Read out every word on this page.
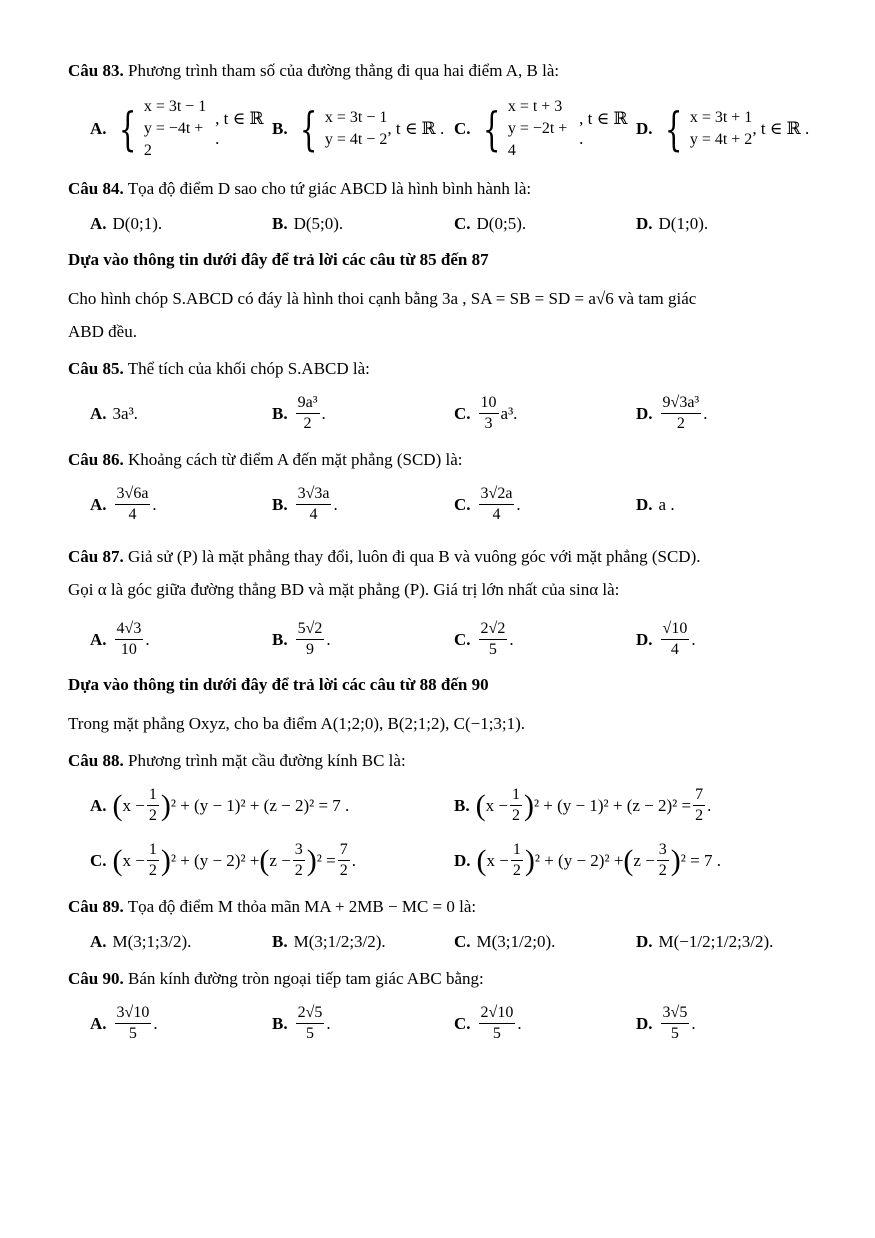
Câu 83. Phương trình tham số của đường thẳng đi qua hai điểm A, B là:

A. { x = 3t − 1
y = −4t + 2
, t ∈ ℝ .
B. { x = 3t − 1
y = 4t − 2
, t ∈ ℝ . C. { x = t + 3
y = −2t + 4
, t ∈ ℝ .
D. { x = 3t + 1
y = 4t + 2
, t ∈ ℝ .

Câu 84. Tọa độ điểm D sao cho tứ giác ABCD là hình bình hành là:

A. D(0;1).	B. D(5;0).	C. D(0;5).	D. D(1;0).

Dựa vào thông tin dưới đây để trả lời các câu từ 85 đến 87

Cho hình chóp S.ABCD có đáy là hình thoi cạnh bằng 3a , SA = SB = SD = a√6 và tam giác

ABD đều.

Câu 85. Thể tích của khối chóp S.ABCD là:

A. 3a³.	B. $\frac{\text{9a³}}{2}$ .	C. $\frac{10}{3} a^3$.	D. $\frac{\text{9√3a³}}{2}$ .

Câu 86. Khoảng cách từ điểm A đến mặt phẳng (SCD) là:

A. $\frac{3√6a}{4}$ .	B. $\frac{3√3a}{4}$ .	C. $\frac{3√2a}{4}$ .	D. a .

Câu 87. Giả sử (P) là mặt phẳng thay đổi, luôn đi qua B và vuông góc với mặt phẳng (SCD).

Gọi α là góc giữa đường thẳng BD và mặt phẳng (P). Giá trị lớn nhất của sinα là:

A. $\frac{4√3}{10}$ .	B. $\frac{5√2}{9}$ .	C. $\frac{2√2}{5}$ .	D. $\frac{√10}{4}$ .

Dựa vào thông tin dưới đây để trả lời các câu từ 88 đến 90

Trong mặt phẳng Oxyz, cho ba điểm A(1;2;0), B(2;1;2), C(−1;3;1).

Câu 88. Phương trình mặt cầu đường kính BC là:

A. ( $x - \frac{1}{2}$ ) ² + (y − 1)² + (z − 2)² = 7 .	B. ( $x - \frac{1}{2}$ ) $^2 + (y - 1)^2 + (z - 2)^2 = \frac{7}{2}$ .
C. ( $x - \frac{1}{2}$ ) ² + (y − 2)² + ( $z - \frac{3}{2}$ ) $^2 = \frac{7}{2}$ .	D. ( $x - \frac{1}{2}$ ) ² + (y − 2)² + ( $z - \frac{3}{2}$ ) ² = 7 .

Câu 89. Tọa độ điểm M thỏa mãn MA + 2MB − MC = 0 là:

A. M(3;1;3/2).	B. M(3;1/2;3/2).	C. M(3;1/2;0).	D. M(−1/2;1/2;3/2).

Câu 90. Bán kính đường tròn ngoại tiếp tam giác ABC bằng:

A. $\frac{3√10}{5}$ .	B. $\frac{2√5}{5}$ .	C. $\frac{2√10}{5}$ .	D. $\frac{3√5}{5}$ .
